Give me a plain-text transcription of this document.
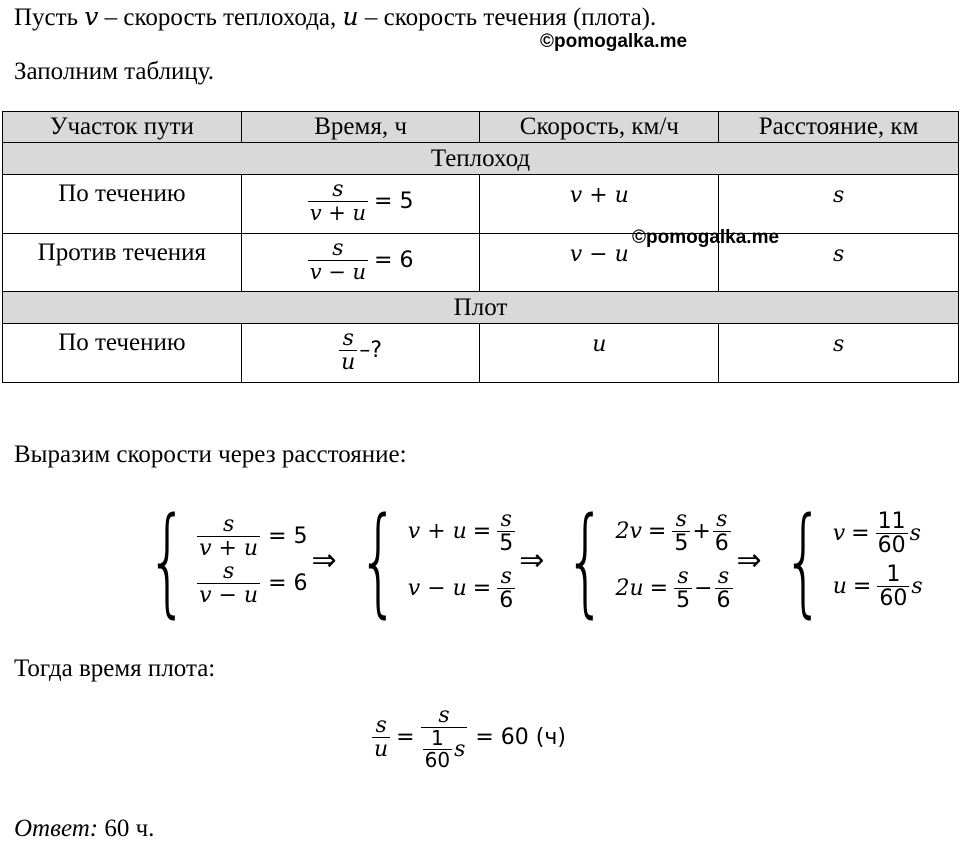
Пусть v – скорость теплохода, u – скорость течения (плота).
©pomogalka.me
Заполним таблицу.
Участок пути	Время, ч	Скорость, км/ч	Расстояние, км
Теплоход			

По течению	$\frac{s}{v + u} = 5$	v + u	s

Против течения	$\frac{s}{v - u} = 6$	v − u	s

Плот			

По течению	$\frac{s}{u}$ –?	u	s
©pomogalka.me
Выразим скорости через расстояние:
{ $\frac{s}{v + u} = 5$
$\frac{s}{v - u} = 6$
⇒ { $v + u = \frac{s}{5}$
$v - u = \frac{s}{6}$
⇒ { $2v = \frac{s}{5} + \frac{s}{6}$
$2u = \frac{s}{5} - \frac{s}{6}$
⇒ { $v = \frac{11}{60}$ s
$u = \frac{1}{60}$ s
Тогда время плота:
$\frac{s}{u} = \frac{s}{\frac{1}{60} s} = 60$ (ч)
Ответ: 60 ч.
